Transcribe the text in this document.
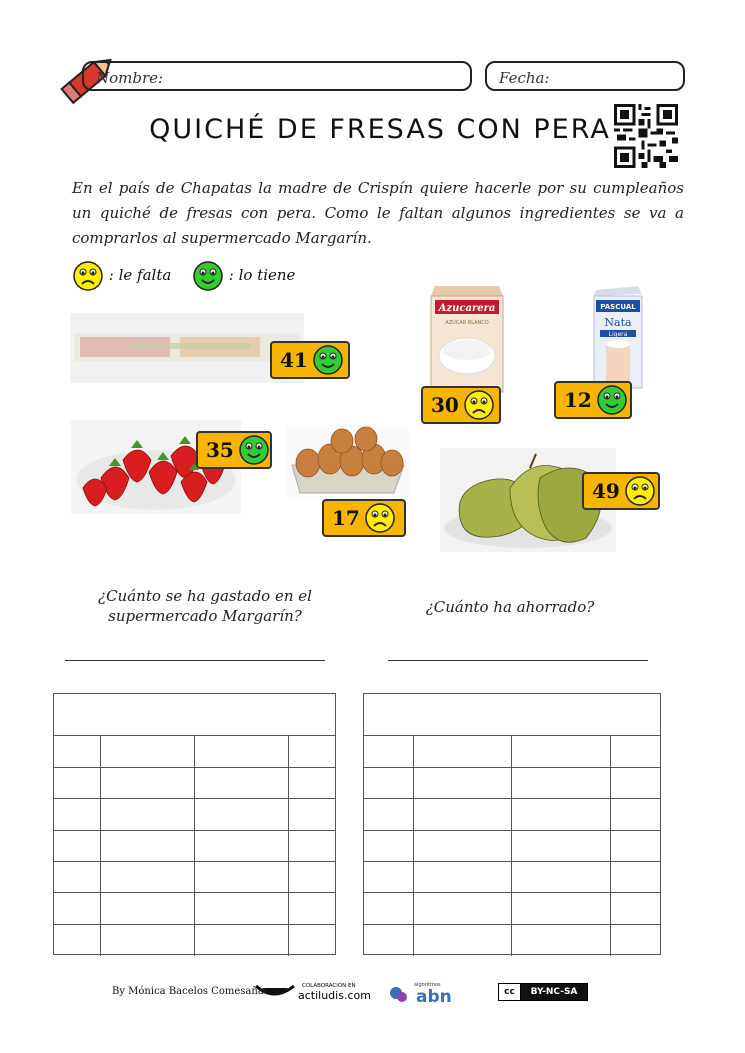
Nombre:	Fecha:
QUICHÉ DE FRESAS CON PERA

En el país de Chapatas la madre de Crispín quiere hacerle por su cumpleaños un quiché de fresas con pera. Como le faltan algunos ingredientes se va a comprarlos al supermercado Margarín.

: le falta	: lo tiene
Azucarera
AZÚCAR BLANCO
PASCUAL
Nata
Ligera
41
30	12
35
17
49
¿Cuánto se ha gastado en el supermercado Margarín?	¿Cuánto ha ahorrado?

By Mónica Bacelos Comesaña	COLABORACIÓN EN
actiludis.com
algoritmos
abn	cc	BY-NC-SA
